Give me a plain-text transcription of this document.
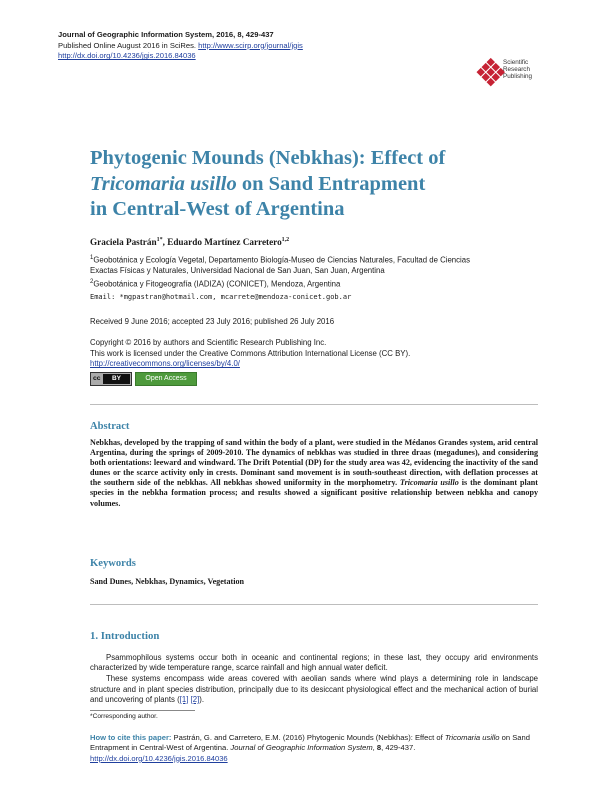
Journal of Geographic Information System, 2016, 8, 429-437
Published Online August 2016 in SciRes. http://www.scirp.org/journal/jgis
http://dx.doi.org/10.4236/jgis.2016.84036
Scientific
Research
Publishing
Phytogenic Mounds (Nebkhas): Effect of
Tricomaria usillo on Sand Entrapment
in Central-West of Argentina
Graciela Pastrán$^{1*}$, Eduardo Martínez Carretero$^{1,2}$
$^1$Geobotánica y Ecología Vegetal, Departamento Biología-Museo de Ciencias Naturales, Facultad de Ciencias
Exactas Físicas y Naturales, Universidad Nacional de San Juan, San Juan, Argentina
$^2$Geobotánica y Fitogeografía (IADIZA) (CONICET), Mendoza, Argentina
Email: *mgpastran@hotmail.com, mcarrete@mendoza-conicet.gob.ar
Received 9 June 2016; accepted 23 July 2016; published 26 July 2016
Copyright © 2016 by authors and Scientific Research Publishing Inc.
This work is licensed under the Creative Commons Attribution International License (CC BY).
http://creativecommons.org/licenses/by/4.0/
cc	BY	Open Access
Abstract
Nebkhas, developed by the trapping of sand within the body of a plant, were studied in the Médanos Grandes system, arid central Argentina, during the springs of 2009-2010. The dynamics of nebkhas was studied in three draas (megadunes), and considering both orientations: leeward and windward. The Drift Potential (DP) for the study area was 42, evidencing the inactivity of the sand dunes or the scarce activity only in crests. Dominant sand movement is in south-southeast direction, with deflation processes at the southern side of the nebkhas. All nebkhas showed uniformity in the morphometry. Tricomaria usillo is the dominant plant species in the nebkha formation process; and results showed a significant positive relationship between nebkha and canopy volumes.
Keywords
Sand Dunes, Nebkhas, Dynamics, Vegetation
1. Introduction

Psammophilous systems occur both in oceanic and continental regions; in these last, they occupy arid environments characterized by wide temperature range, scarce rainfall and high annual water deficit.

These systems encompass wide areas covered with aeolian sands where wind plays a determining role in landscape structure and in plant species distribution, principally due to its desiccant physiological effect and the mechanical action of burial and uncovering of plants ([1] [2]).

*Corresponding author.
How to cite this paper: Pastrán, G. and Carretero, E.M. (2016) Phytogenic Mounds (Nebkhas): Effect of Tricomaria usillo on Sand Entrapment in Central-West of Argentina. Journal of Geographic Information System, 8, 429-437.
http://dx.doi.org/10.4236/jgis.2016.84036
